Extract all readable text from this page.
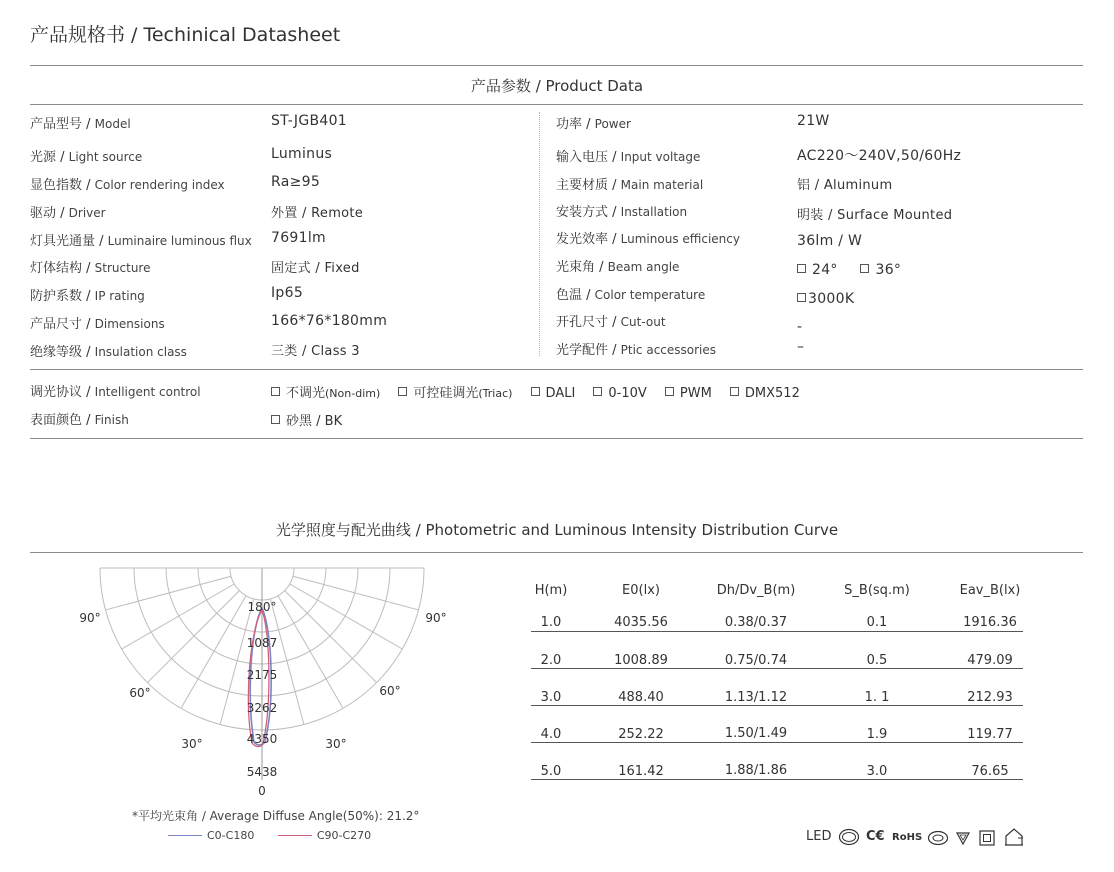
产品规格书 / Techinical Datasheet
产品参数 / Product Data
产品型号 / Model	ST-JGB401
光源 / Light source	Luminus
显色指数 / Color rendering index	Ra≥95
驱动 / Driver	外置 / Remote
灯具光通量 / Luminaire luminous flux 7691lm
灯体结构 / Structure	固定式 / Fixed
防护系数 / IP rating	Ip65
产品尺寸 / Dimensions	166*76*180mm
绝缘等级 / Insulation class	三类 / Class 3
功率 / Power	21W
输入电压 / Input voltage	AC220～240V,50/60Hz
主要材质 / Main material	铝 / Aluminum
安装方式 / Installation	明装 / Surface Mounted
发光效率 / Luminous efficiency	36lm / W
光束角 / Beam angle	24°	36°
色温 / Color temperature	3000K
开孔尺寸 / Cut-out	-
光学配件 / Ptic accessories	–
调光协议 / Intelligent control	不调光(Non-dim)	可控硅调光(Triac)	DALI	0-10V	PWM	DMX512
表面颜色 / Finish	砂黑 / BK
光学照度与配光曲线 / Photometric and Luminous Intensity Distribution Curve
180°
1087
2175
3262
4350
5438
90°	90°
60°	60°
30°	30°
0
*平均光束角 / Average Diffuse Angle(50%): 21.2°
C0-C180	C90-C270
H(m)	E0(lx)	Dh/Dv_B(m)	S_B(sq.m)	Eav_B(lx)
1.0	4035.56	0.38/0.37	0.1	1916.36
2.0	1008.89	0.75/0.74	0.5	479.09
3.0	488.40	1.13/1.12	1. 1	212.93
4.0	252.22	1.50/1.49	1.9	119.77
5.0	161.42	1.88/1.86	3.0	76.65
LED	C€ RoHS
